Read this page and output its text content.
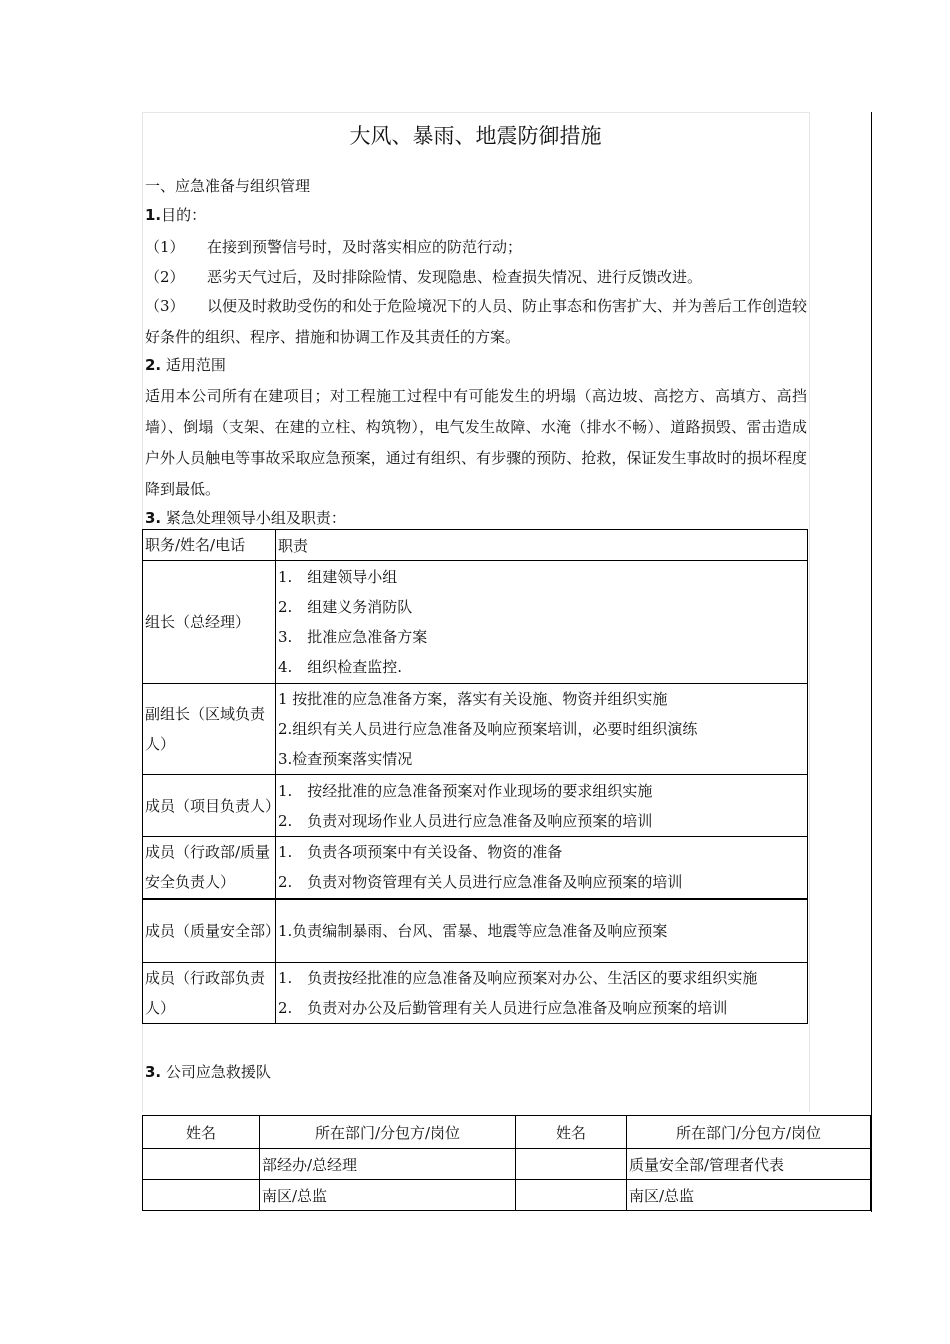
大风、暴雨、地震防御措施
一、应急准备与组织管理
1.目的：
（1） 在接到预警信号时，及时落实相应的防范行动；
（2） 恶劣天气过后，及时排除险情、发现隐患、检查损失情况、进行反馈改进。
（3） 以便及时救助受伤的和处于危险境况下的人员、防止事态和伤害扩大、并为善后工作创造较好条件的组织、程序、措施和协调工作及其责任的方案。
2. 适用范围
适用本公司所有在建项目；对工程施工过程中有可能发生的坍塌（高边坡、高挖方、高填方、高挡墙）、倒塌（支架、在建的立柱、构筑物），电气发生故障、水淹（排水不畅）、道路损毁、雷击造成户外人员触电等事故采取应急预案，通过有组织、有步骤的预防、抢救，保证发生事故时的损坏程度降到最低。
3. 紧急处理领导小组及职责：
职务/姓名/电话	职责
组长（总经理）	1.　组建领导小组
2.　组建义务消防队
3.　批准应急准备方案
4.　组织检查监控.

副组长（区域负责人）	1 按批准的应急准备方案，落实有关设施、物资并组织实施
2.组织有关人员进行应急准备及响应预案培训，必要时组织演练
3.检查预案落实情况

成员（项目负责人）	1.　按经批准的应急准备预案对作业现场的要求组织实施
2.　负责对现场作业人员进行应急准备及响应预案的培训

成员（行政部/质量安全负责人）	1.　负责各项预案中有关设备、物资的准备
2.　负责对物资管理有关人员进行应急准备及响应预案的培训

成员（质量安全部）	1.负责编制暴雨、台风、雷暴、地震等应急准备及响应预案

成员（行政部负责人）	1.　负责按经批准的应急准备及响应预案对办公、生活区的要求组织实施
2.　负责对办公及后勤管理有关人员进行应急准备及响应预案的培训
3. 公司应急救援队
姓名	所在部门/分包方/岗位	姓名	所在部门/分包方/岗位
	部经办/总经理		质量安全部/管理者代表
	南区/总监		南区/总监
